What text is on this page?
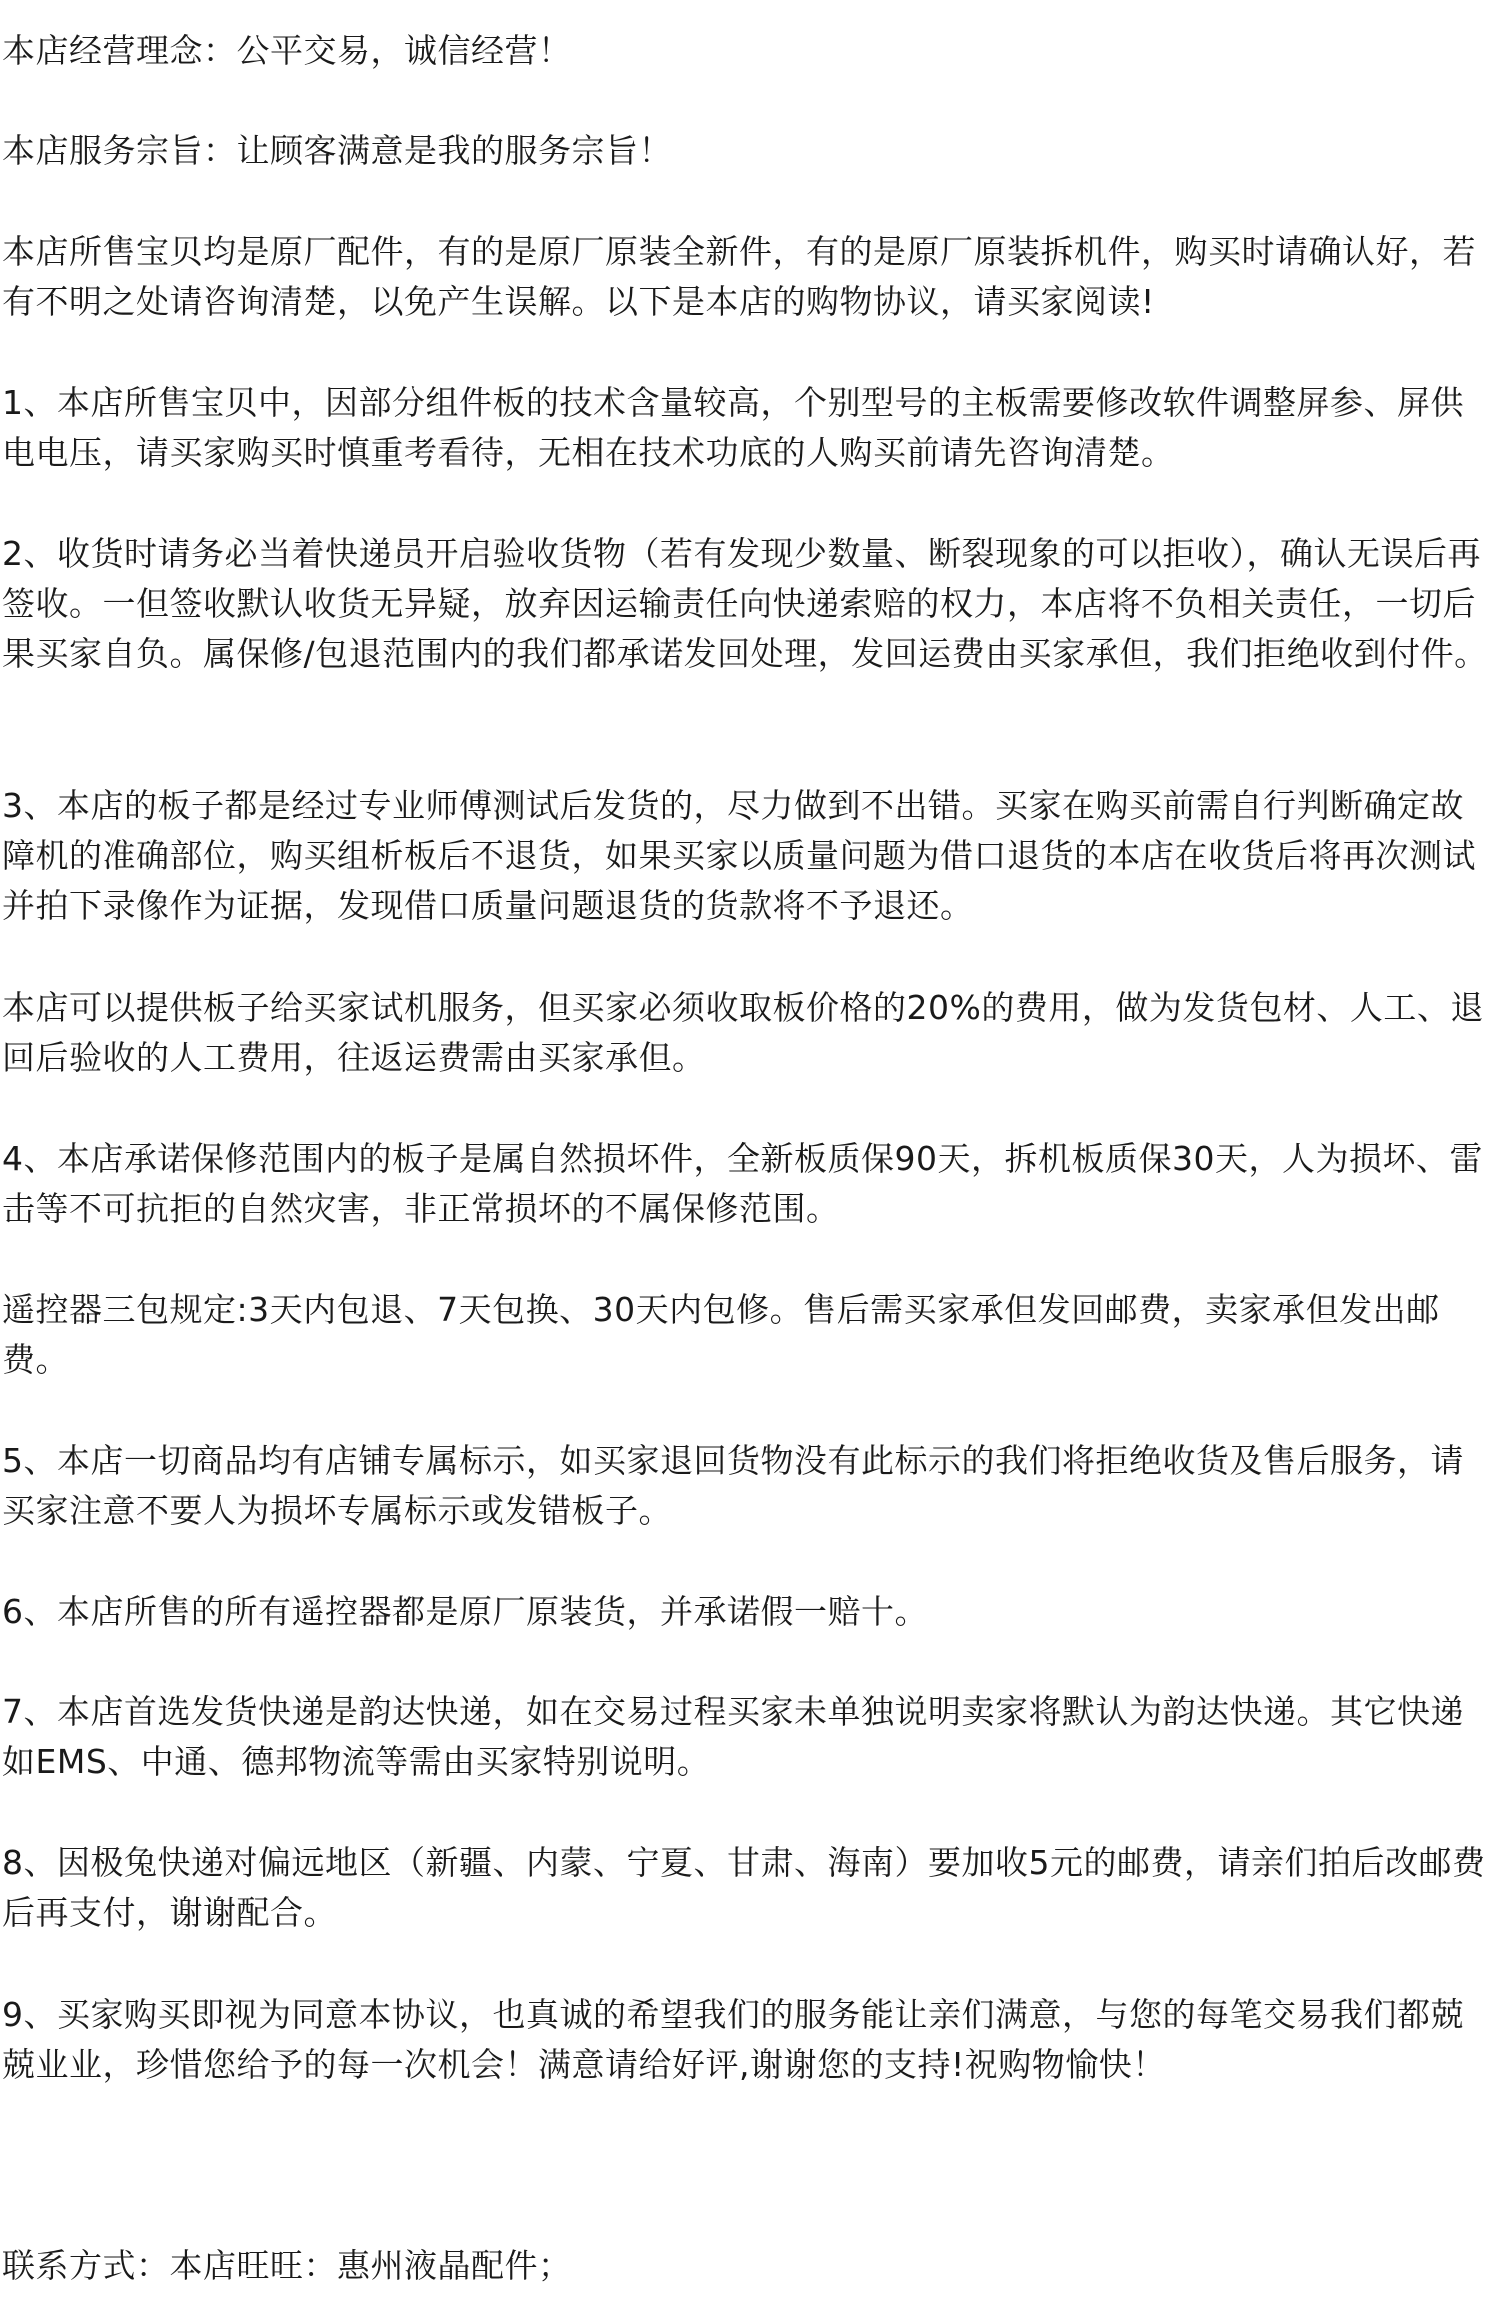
本店经营理念：公平交易，诚信经营！

本店服务宗旨：让顾客满意是我的服务宗旨！

本店所售宝贝均是原厂配件，有的是原厂原装全新件，有的是原厂原装拆机件，购买时请确认好，若有不明之处请咨询清楚，以免产生误解。以下是本店的购物协议，请买家阅读!

1、本店所售宝贝中，因部分组件板的技术含量较高，个别型号的主板需要修改软件调整屏参、屏供电电压，请买家购买时慎重考看待，无相在技术功底的人购买前请先咨询清楚。

2、收货时请务必当着快递员开启验收货物（若有发现少数量、断裂现象的可以拒收），确认无误后再签收。一但签收默认收货无异疑，放弃因运输责任向快递索赔的权力，本店将不负相关责任，一切后果买家自负。属保修/包退范围内的我们都承诺发回处理，发回运费由买家承但，我们拒绝收到付件。

3、本店的板子都是经过专业师傅测试后发货的，尽力做到不出错。买家在购买前需自行判断确定故障机的准确部位，购买组析板后不退货，如果买家以质量问题为借口退货的本店在收货后将再次测试并拍下录像作为证据，发现借口质量问题退货的货款将不予退还。

本店可以提供板子给买家试机服务，但买家必须收取板价格的20%的费用，做为发货包材、人工、退回后验收的人工费用，往返运费需由买家承但。

4、本店承诺保修范围内的板子是属自然损坏件，全新板质保90天，拆机板质保30天，人为损坏、雷击等不可抗拒的自然灾害，非正常损坏的不属保修范围。

遥控器三包规定:3天内包退、7天包换、30天内包修。售后需买家承但发回邮费，卖家承但发出邮费。

5、本店一切商品均有店铺专属标示，如买家退回货物没有此标示的我们将拒绝收货及售后服务，请买家注意不要人为损坏专属标示或发错板子。

6、本店所售的所有遥控器都是原厂原装货，并承诺假一赔十。

7、本店首选发货快递是韵达快递，如在交易过程买家未单独说明卖家将默认为韵达快递。其它快递如EMS、中通、德邦物流等需由买家特别说明。

8、因极兔快递对偏远地区（新疆、内蒙、宁夏、甘肃、海南）要加收5元的邮费，请亲们拍后改邮费后再支付，谢谢配合。

9、买家购买即视为同意本协议，也真诚的希望我们的服务能让亲们满意，与您的每笔交易我们都兢兢业业，珍惜您给予的每一次机会！满意请给好评,谢谢您的支持!祝购物愉快！

联系方式：本店旺旺：惠州液晶配件；
